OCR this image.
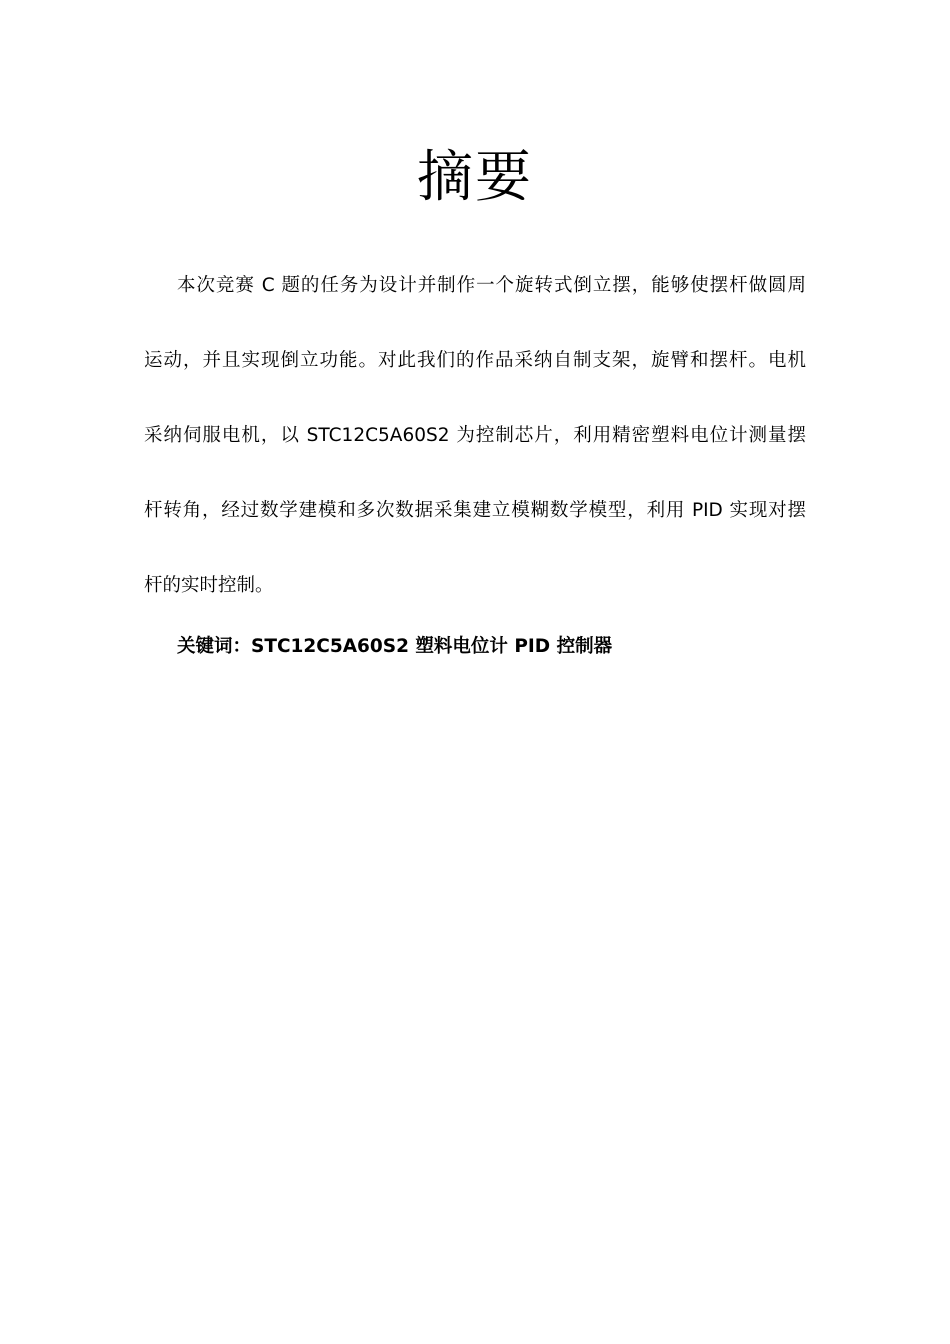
摘要
本次竞赛 C 题的任务为设计并制作一个旋转式倒立摆，能够使摆杆做圆周
运动，并且实现倒立功能。对此我们的作品采纳自制支架，旋臂和摆杆。电机
采纳伺服电机，以 STC12C5A60S2 为控制芯片，利用精密塑料电位计测量摆
杆转角，经过数学建模和多次数据采集建立模糊数学模型，利用 PID 实现对摆
杆的实时控制。

关键词：STC12C5A60S2 塑料电位计 PID 控制器
